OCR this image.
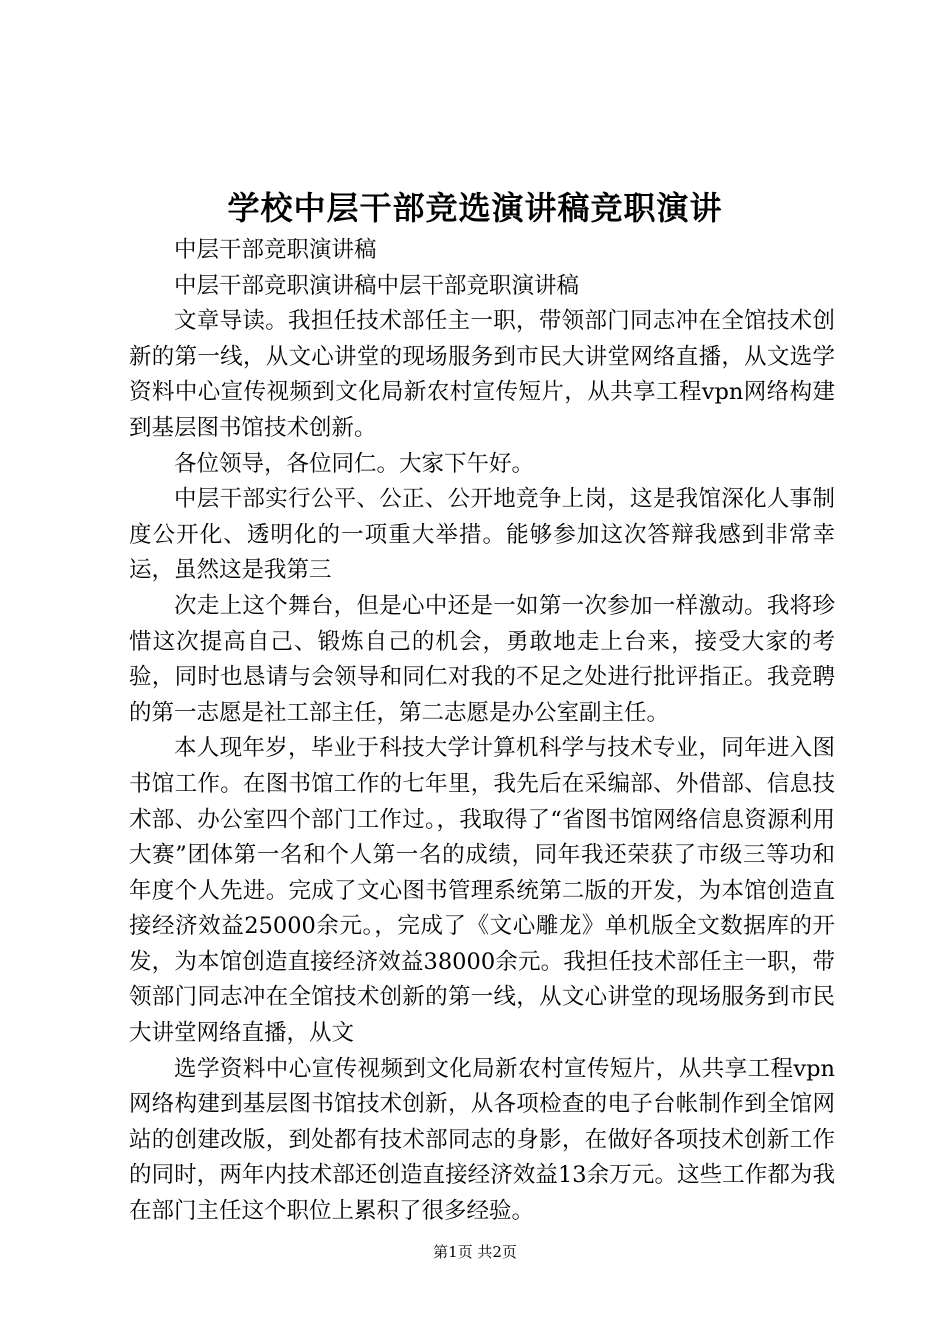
学校中层干部竞选演讲稿竞职演讲

中层干部竞职演讲稿

中层干部竞职演讲稿中层干部竞职演讲稿

文章导读。我担任技术部任主一职，带领部门同志冲在全馆技术创新的第一线，从文心讲堂的现场服务到市民大讲堂网络直播，从文选学资料中心宣传视频到文化局新农村宣传短片，从共享工程vpn网络构建到基层图书馆技术创新。

各位领导，各位同仁。大家下午好。

中层干部实行公平、公正、公开地竞争上岗，这是我馆深化人事制度公开化、透明化的一项重大举措。能够参加这次答辩我感到非常幸运，虽然这是我第三

次走上这个舞台，但是心中还是一如第一次参加一样激动。我将珍惜这次提高自己、锻炼自己的机会，勇敢地走上台来，接受大家的考验，同时也恳请与会领导和同仁对我的不足之处进行批评指正。我竞聘的第一志愿是社工部主任，第二志愿是办公室副主任。

本人现年岁，毕业于科技大学计算机科学与技术专业，同年进入图书馆工作。在图书馆工作的七年里，我先后在采编部、外借部、信息技术部、办公室四个部门工作过。，我取得了“省图书馆网络信息资源利用大赛”团体第一名和个人第一名的成绩，同年我还荣获了市级三等功和年度个人先进。完成了文心图书管理系统第二版的开发，为本馆创造直接经济效益25000余元。，完成了《文心雕龙》单机版全文数据库的开发，为本馆创造直接经济效益38000余元。我担任技术部任主一职，带领部门同志冲在全馆技术创新的第一线，从文心讲堂的现场服务到市民大讲堂网络直播，从文

选学资料中心宣传视频到文化局新农村宣传短片，从共享工程vpn网络构建到基层图书馆技术创新，从各项检查的电子台帐制作到全馆网站的创建改版，到处都有技术部同志的身影，在做好各项技术创新工作的同时，两年内技术部还创造直接经济效益13余万元。这些工作都为我在部门主任这个职位上累积了很多经验。

第1页 共2页
